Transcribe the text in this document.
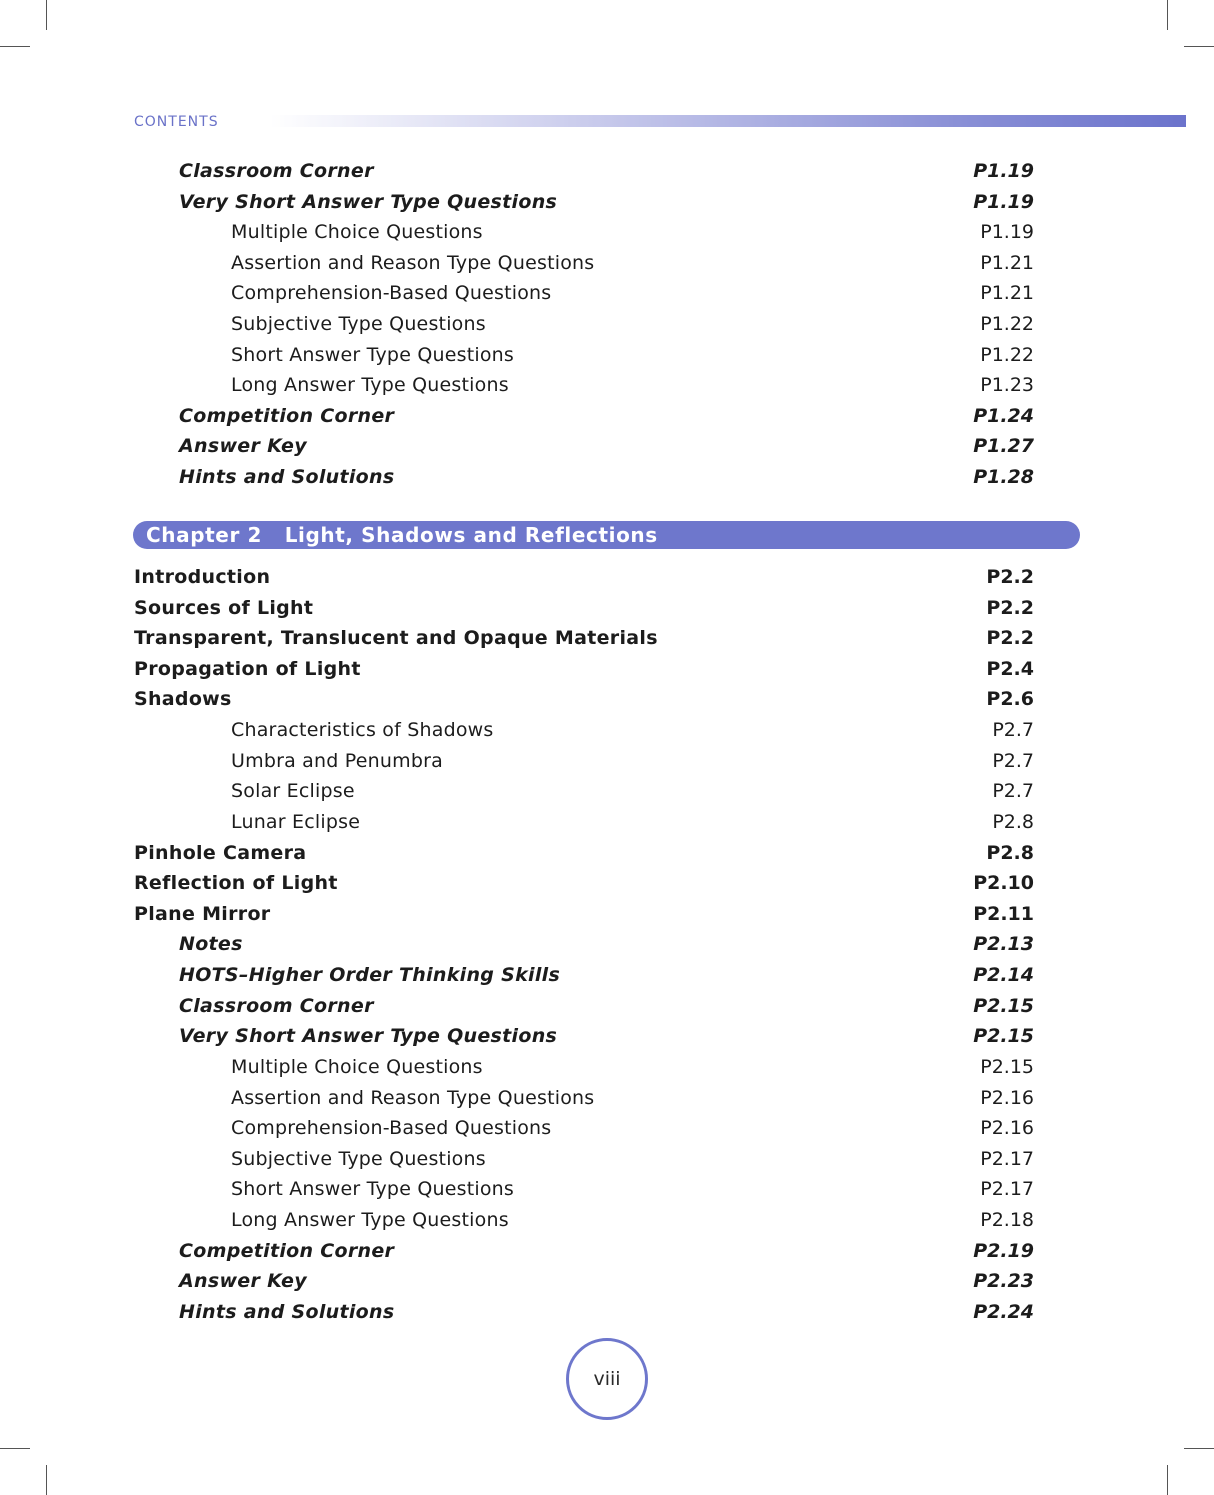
CONTENTS
Classroom Corner	P1.19
Very Short Answer Type Questions	P1.19
Multiple Choice Questions	P1.19
Assertion and Reason Type Questions	P1.21
Comprehension-Based Questions	P1.21
Subjective Type Questions	P1.22
Short Answer Type Questions	P1.22
Long Answer Type Questions	P1.23
Competition Corner	P1.24
Answer Key	P1.27
Hints and Solutions	P1.28
Chapter 2 Light, Shadows and Reflections
Introduction	P2.2
Sources of Light	P2.2
Transparent, Translucent and Opaque Materials	P2.2
Propagation of Light	P2.4
Shadows	P2.6
Characteristics of Shadows	P2.7
Umbra and Penumbra	P2.7
Solar Eclipse	P2.7
Lunar Eclipse	P2.8
Pinhole Camera	P2.8
Reflection of Light	P2.10
Plane Mirror	P2.11
Notes	P2.13
HOTS–Higher Order Thinking Skills	P2.14
Classroom Corner	P2.15
Very Short Answer Type Questions	P2.15
Multiple Choice Questions	P2.15
Assertion and Reason Type Questions	P2.16
Comprehension-Based Questions	P2.16
Subjective Type Questions	P2.17
Short Answer Type Questions	P2.17
Long Answer Type Questions	P2.18
Competition Corner	P2.19
Answer Key	P2.23
Hints and Solutions	P2.24
viii
